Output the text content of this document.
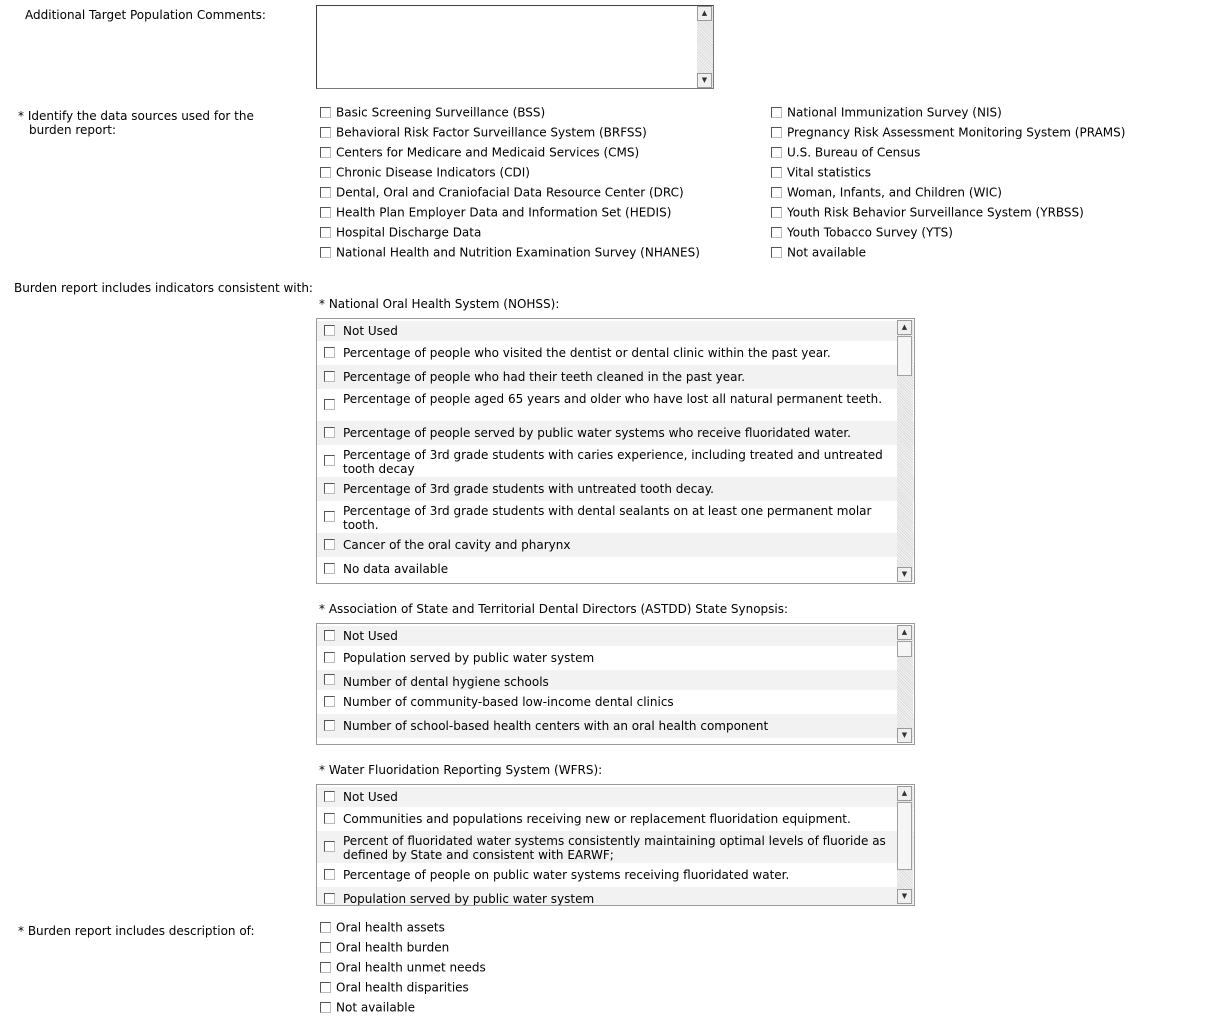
Additional Target Population Comments:	▲
▼
* Identify the data sources used for the
burden report:
Basic Screening Surveillance (BSS)
Behavioral Risk Factor Surveillance System (BRFSS)
Centers for Medicare and Medicaid Services (CMS)
Chronic Disease Indicators (CDI)
Dental, Oral and Craniofacial Data Resource Center (DRC)
Health Plan Employer Data and Information Set (HEDIS)
Hospital Discharge Data
National Health and Nutrition Examination Survey (NHANES)
National Immunization Survey (NIS)
Pregnancy Risk Assessment Monitoring System (PRAMS)
U.S. Bureau of Census
Vital statistics
Woman, Infants, and Children (WIC)
Youth Risk Behavior Surveillance System (YRBSS)
Youth Tobacco Survey (YTS)
Not available
Burden report includes indicators consistent with:
* National Oral Health System (NOHSS):
Not Used
Percentage of people who visited the dentist or dental clinic within the past year.
Percentage of people who had their teeth cleaned in the past year.
Percentage of people aged 65 years and older who have lost all natural permanent teeth.
Percentage of people served by public water systems who receive fluoridated water.
Percentage of 3rd grade students with caries experience, including treated and untreated tooth decay
Percentage of 3rd grade students with untreated tooth decay.
Percentage of 3rd grade students with dental sealants on at least one permanent molar tooth.
Cancer of the oral cavity and pharynx
No data available
▲
▼
* Association of State and Territorial Dental Directors (ASTDD) State Synopsis:
Not Used
Population served by public water system
Number of dental hygiene schools
Number of community-based low-income dental clinics
Number of school-based health centers with an oral health component
▲
▼
* Water Fluoridation Reporting System (WFRS):
Not Used
Communities and populations receiving new or replacement fluoridation equipment.
Percent of fluoridated water systems consistently maintaining optimal levels of fluoride as defined by State and consistent with EARWF;
Percentage of people on public water systems receiving fluoridated water.
Population served by public water system
▲
▼
* Burden report includes description of:	Oral health assets
Oral health burden
Oral health unmet needs
Oral health disparities
Not available
